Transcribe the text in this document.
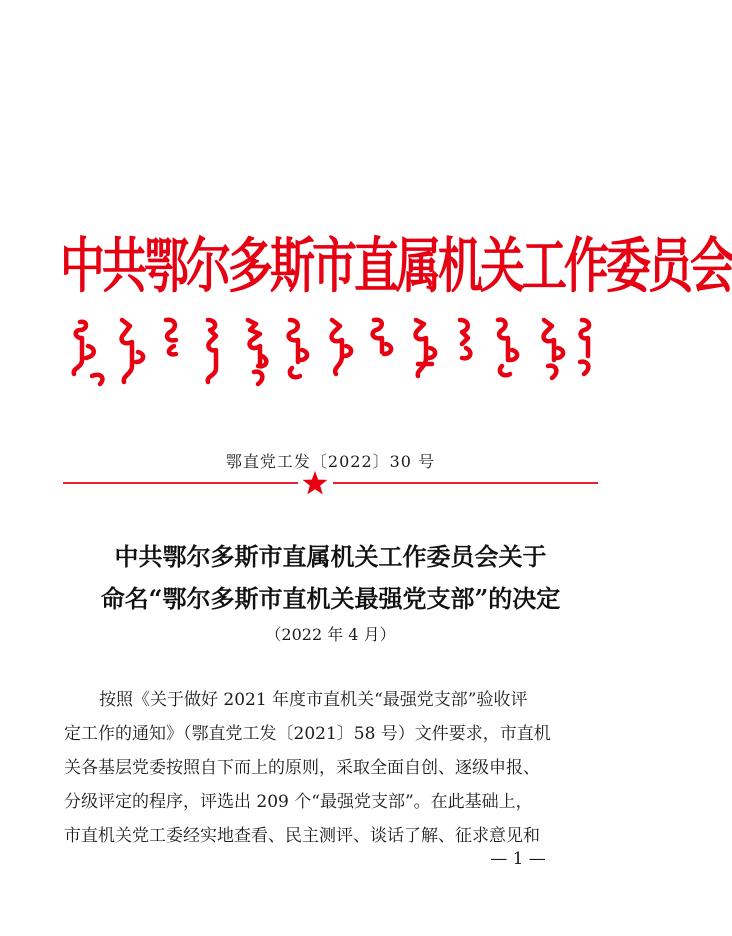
中共鄂尔多斯市直属机关工作委员会
鄂直党工发〔2022〕30 号
中共鄂尔多斯市直属机关工作委员会关于
命名“鄂尔多斯市直机关最强党支部”的决定
（2022 年 4 月）
按照《关于做好 2021 年度市直机关“最强党支部”验收评
定工作的通知》（鄂直党工发〔2021〕58 号）文件要求，市直机
关各基层党委按照自下而上的原则，采取全面自创、逐级申报、
分级评定的程序，评选出 209 个“最强党支部”。在此基础上，
市直机关党工委经实地查看、民主测评、谈话了解、征求意见和
— 1 —
